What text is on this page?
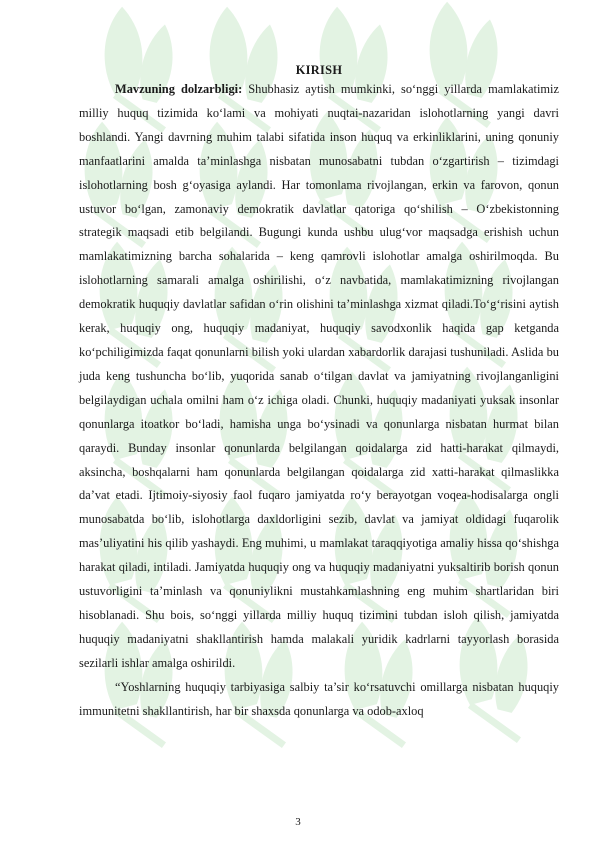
KIRISH

Mavzuning dolzarbligi: Shubhasiz aytish mumkinki, so‘nggi yillarda mamlakatimiz milliy huquq tizimida ko‘lami va mohiyati nuqtai-nazaridan islohotlarning yangi davri boshlandi. Yangi davrning muhim talabi sifatida inson huquq va erkinliklarini, uning qonuniy manfaatlarini amalda ta’minlashga nisbatan munosabatni tubdan o‘zgartirish – tizimdagi islohotlarning bosh g‘oyasiga aylandi. Har tomonlama rivojlangan, erkin va farovon, qonun ustuvor bo‘lgan, zamonaviy demokratik davlatlar qatoriga qo‘shilish – O‘zbekistonning strategik maqsadi etib belgilandi. Bugungi kunda ushbu ulug‘vor maqsadga erishish uchun mamlakatimizning barcha sohalarida – keng qamrovli islohotlar amalga oshirilmoqda. Bu islohotlarning samarali amalga oshirilishi, o‘z navbatida, mamlakatimizning rivojlangan demokratik huquqiy davlatlar safidan o‘rin olishini ta’minlashga xizmat qiladi.To‘g‘risini aytish kerak, huquqiy ong, huquqiy madaniyat, huquqiy savodxonlik haqida gap ketganda ko‘pchiligimizda faqat qonunlarni bilish yoki ulardan xabardorlik darajasi tushuniladi. Aslida bu juda keng tushuncha bo‘lib, yuqorida sanab o‘tilgan davlat va jamiyatning rivojlanganligini belgilaydigan uchala omilni ham o‘z ichiga oladi. Chunki, huquqiy madaniyati yuksak insonlar qonunlarga itoatkor bo‘ladi, hamisha unga bo‘ysinadi va qonunlarga nisbatan hurmat bilan qaraydi. Bunday insonlar qonunlarda belgilangan qoidalarga zid hatti-harakat qilmaydi, aksincha, boshqalarni ham qonunlarda belgilangan qoidalarga zid xatti-harakat qilmaslikka da’vat etadi. Ijtimoiy-siyosiy faol fuqaro jamiyatda ro‘y berayotgan voqea-hodisalarga ongli munosabatda bo‘lib, islohotlarga daxldorligini sezib, davlat va jamiyat oldidagi fuqarolik mas’uliyatini his qilib yashaydi. Eng muhimi, u mamlakat taraqqiyotiga amaliy hissa qo‘shishga harakat qiladi, intiladi. Jamiyatda huquqiy ong va huquqiy madaniyatni yuksaltirib borish qonun ustuvorligini ta’minlash va qonuniylikni mustahkamlashning eng muhim shartlaridan biri hisoblanadi. Shu bois, so‘nggi yillarda milliy huquq tizimini tubdan isloh qilish, jamiyatda huquqiy madaniyatni shakllantirish hamda malakali yuridik kadrlarni tayyorlash borasida sezilarli ishlar amalga oshirildi.

“Yoshlarning huquqiy tarbiyasiga salbiy ta’sir ko‘rsatuvchi omillarga nisbatan huquqiy immunitetni shakllantirish, har bir shaxsda qonunlarga va odob-axloq

3
